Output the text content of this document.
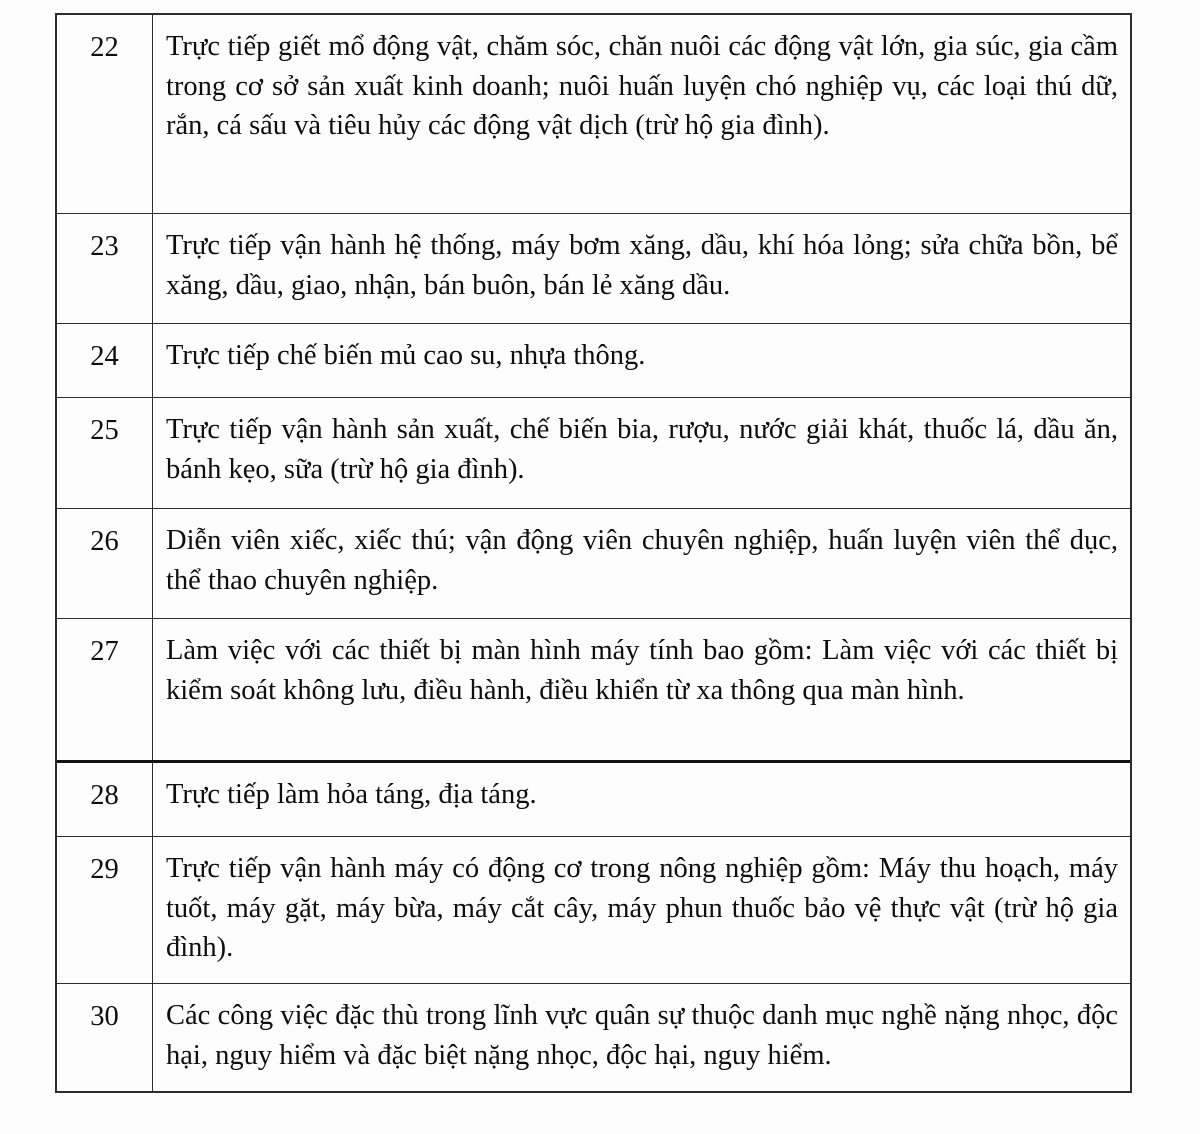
22	Trực tiếp giết mổ động vật, chăm sóc, chăn nuôi các động vật lớn, gia súc, gia cầm trong cơ sở sản xuất kinh doanh; nuôi huấn luyện chó nghiệp vụ, các loại thú dữ, rắn, cá sấu và tiêu hủy các động vật dịch (trừ hộ gia đình).
23	Trực tiếp vận hành hệ thống, máy bơm xăng, dầu, khí hóa lỏng; sửa chữa bồn, bể xăng, dầu, giao, nhận, bán buôn, bán lẻ xăng dầu.
24	Trực tiếp chế biến mủ cao su, nhựa thông.
25	Trực tiếp vận hành sản xuất, chế biến bia, rượu, nước giải khát, thuốc lá, dầu ăn, bánh kẹo, sữa (trừ hộ gia đình).
26	Diễn viên xiếc, xiếc thú; vận động viên chuyên nghiệp, huấn luyện viên thể dục, thể thao chuyên nghiệp.
27	Làm việc với các thiết bị màn hình máy tính bao gồm: Làm việc với các thiết bị kiểm soát không lưu, điều hành, điều khiển từ xa thông qua màn hình.
28	Trực tiếp làm hỏa táng, địa táng.
29	Trực tiếp vận hành máy có động cơ trong nông nghiệp gồm: Máy thu hoạch, máy tuốt, máy gặt, máy bừa, máy cắt cây, máy phun thuốc bảo vệ thực vật (trừ hộ gia đình).
30	Các công việc đặc thù trong lĩnh vực quân sự thuộc danh mục nghề nặng nhọc, độc hại, nguy hiểm và đặc biệt nặng nhọc, độc hại, nguy hiểm.
